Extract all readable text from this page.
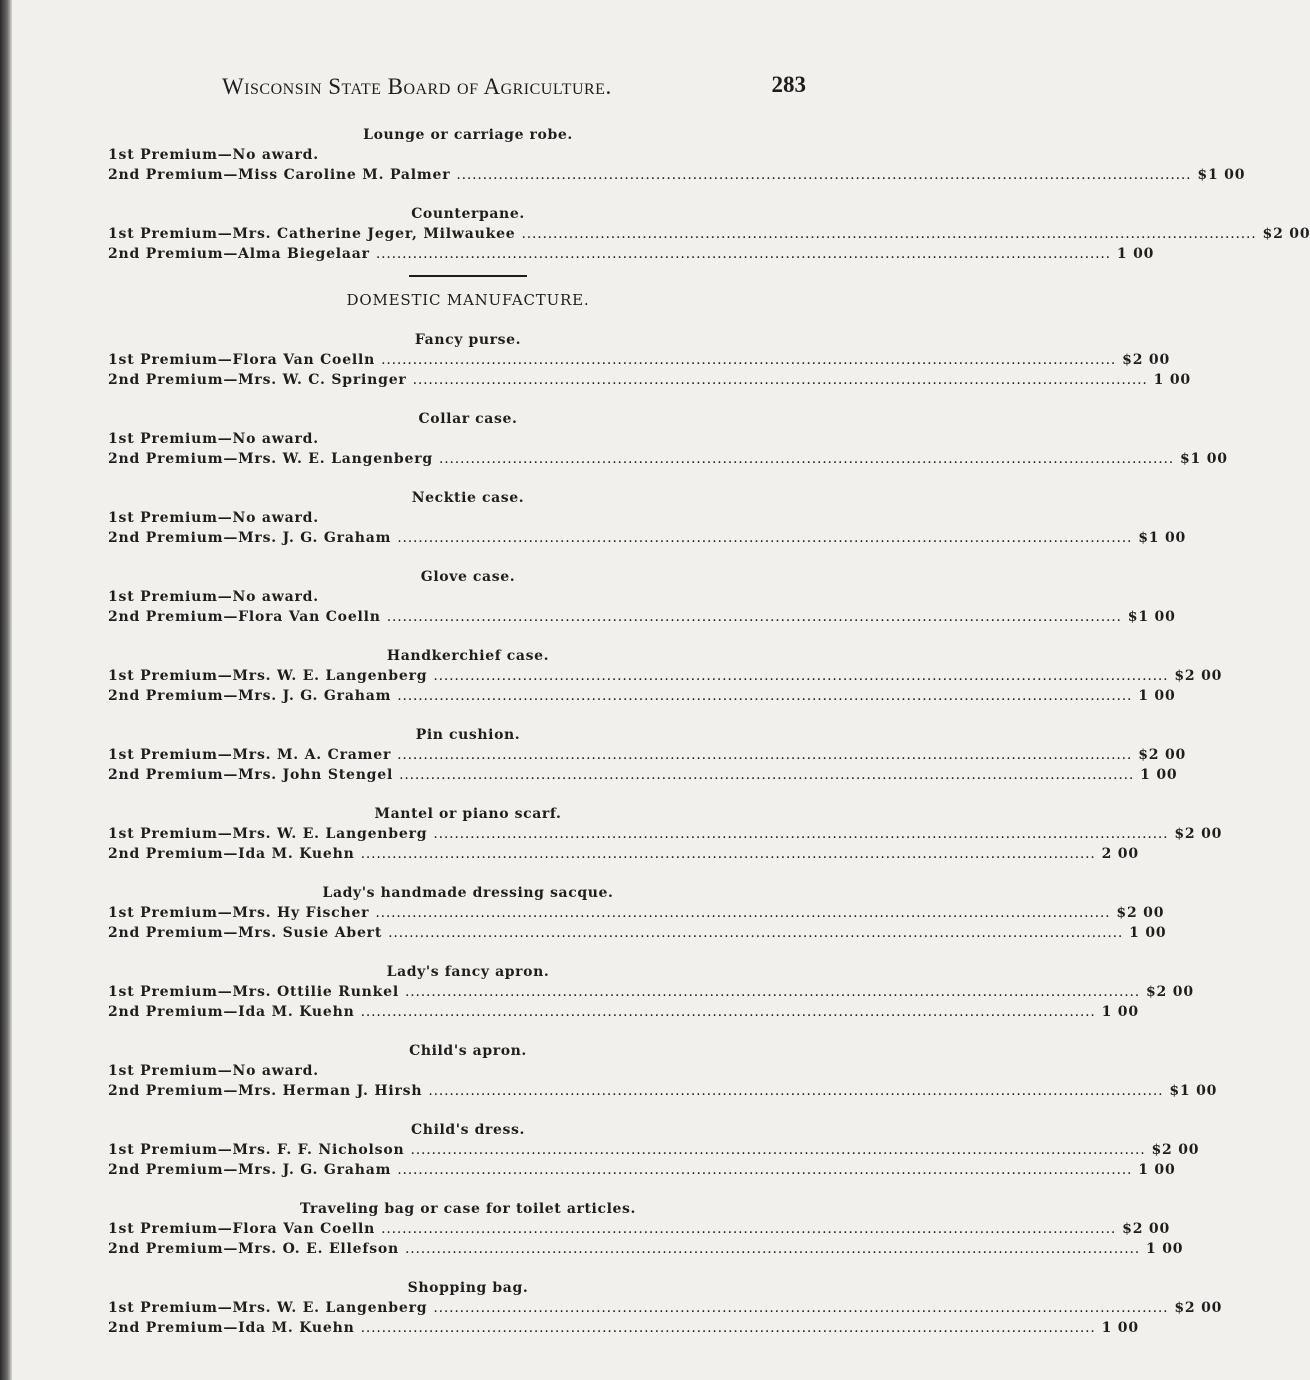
Wisconsin State Board of Agriculture.	283
Lounge or carriage robe.
1st Premium—No award.
2nd Premium—Miss Caroline M. Palmer ............................................................................................................................................ $1 00
Counterpane.
1st Premium—Mrs. Catherine Jeger, Milwaukee ............................................................................................................................................ $2 00
2nd Premium—Alma Biegelaar ............................................................................................................................................ 1 00
DOMESTIC MANUFACTURE.
Fancy purse.
1st Premium—Flora Van Coelln ............................................................................................................................................ $2 00
2nd Premium—Mrs. W. C. Springer ............................................................................................................................................ 1 00
Collar case.
1st Premium—No award.
2nd Premium—Mrs. W. E. Langenberg ............................................................................................................................................ $1 00
Necktie case.
1st Premium—No award.
2nd Premium—Mrs. J. G. Graham ............................................................................................................................................ $1 00
Glove case.
1st Premium—No award.
2nd Premium—Flora Van Coelln ............................................................................................................................................ $1 00
Handkerchief case.
1st Premium—Mrs. W. E. Langenberg ............................................................................................................................................ $2 00
2nd Premium—Mrs. J. G. Graham ............................................................................................................................................ 1 00
Pin cushion.
1st Premium—Mrs. M. A. Cramer ............................................................................................................................................ $2 00
2nd Premium—Mrs. John Stengel ............................................................................................................................................ 1 00
Mantel or piano scarf.
1st Premium—Mrs. W. E. Langenberg ............................................................................................................................................ $2 00
2nd Premium—Ida M. Kuehn ............................................................................................................................................ 2 00
Lady's handmade dressing sacque.
1st Premium—Mrs. Hy Fischer ............................................................................................................................................ $2 00
2nd Premium—Mrs. Susie Abert ............................................................................................................................................ 1 00
Lady's fancy apron.
1st Premium—Mrs. Ottilie Runkel ............................................................................................................................................ $2 00
2nd Premium—Ida M. Kuehn ............................................................................................................................................ 1 00
Child's apron.
1st Premium—No award.
2nd Premium—Mrs. Herman J. Hirsh ............................................................................................................................................ $1 00
Child's dress.
1st Premium—Mrs. F. F. Nicholson ............................................................................................................................................ $2 00
2nd Premium—Mrs. J. G. Graham ............................................................................................................................................ 1 00
Traveling bag or case for toilet articles.
1st Premium—Flora Van Coelln ............................................................................................................................................ $2 00
2nd Premium—Mrs. O. E. Ellefson ............................................................................................................................................ 1 00
Shopping bag.
1st Premium—Mrs. W. E. Langenberg ............................................................................................................................................ $2 00
2nd Premium—Ida M. Kuehn ............................................................................................................................................ 1 00
